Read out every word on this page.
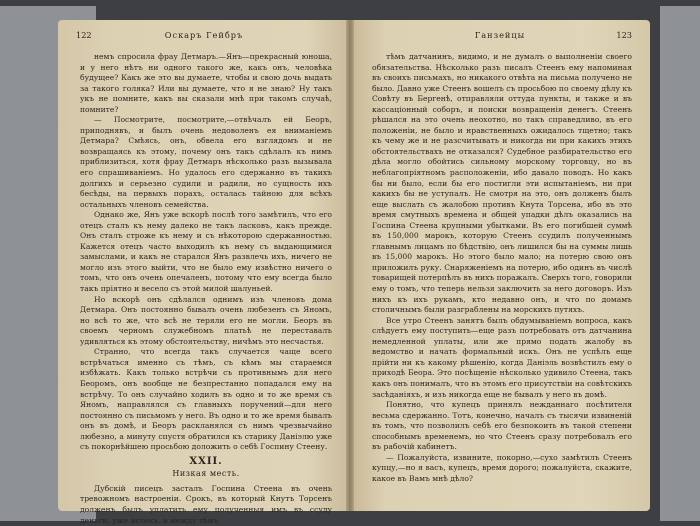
122	Оскаръ Гейбръ

немъ спросила фрау Детмаръ.—Янъ—прекрасный юноша, и у него нѣтъ ни одного такого же, какъ онъ, человѣка будущее? Какъ же это вы думаете, чтобы и свою дочь выдать за такого голяка? Или вы думаете, что я не знаю? Ну такъ укъ не помните, какъ вы сказали мнѣ при такомъ случаѣ, помните?

— Посмотрите, посмотрите,—отвѣчалъ ей Беоръ, приподнявъ, и былъ очень недоволенъ ея вниманіемъ Детмара? Смѣясь, онъ, обвела его взглядомъ и не возвращаясь къ этому, почему онъ такъ сдѣлалъ къ нимъ приблизиться, хотя фрау Детмаръ нѣсколько разъ вызывала его спрашиваніемъ. Но удалось его сдержанно въ такихъ долгихъ и серьезно судили и радили, но сущность ихъ бесѣды, на первыхъ порахъ, осталась тайною для всѣхъ остальныхъ членовъ семейства.

Однако же, Янъ уже вскорѣ послѣ того замѣтилъ, что его отецъ сталъ къ нему далеко не такъ ласковъ, какъ прежде. Онъ сталъ строже къ нему и съ нѣкоторою сдержанностью. Кажется отецъ часто выходилъ къ нему съ выдающимися замыслами, и какъ не старался Янъ развлечь ихъ, ничего не могло изъ этого выйти, что не было ему извѣстно ничего о томъ, что онъ очень опечаленъ, потому что ему всегда было такъ пріятно и весело съ этой милой шалуньей.

Но вскорѣ онъ сдѣлался однимъ изъ членовъ дома Детмара. Онъ постоянно бывалъ очень любезенъ съ Яномъ, но всѣ то же, что всѣ не теряли его не могли. Беоръ въ своемъ черномъ служебномъ платьѣ не переставалъ удивляться къ этому обстоятельству, ничѣмъ это несчастья.

Странно, что всегда такъ случается чаще всего встрѣчаться именно съ тѣмъ, съ кѣмъ мы стараемся избѣжать. Какъ только встрѣчи съ противнымъ для него Беоромъ, онъ вообще не безпрестанно попадался ему на встрѣчу. То онъ случайно ходилъ въ одно и то же время съ Яномъ, направлялся съ главныхъ поручений—для него постоянно съ письмомъ у него. Въ одно и то же время бывалъ онъ въ домѣ, и Беоръ раскланялся съ нимъ чрезвычайно любезно, а минуту спустя обратился къ старику Даніэлю уже съ покорнѣйшею просьбою доложить о себѣ Госпину Стеену.

XXII.
Низкая месть.

Дубскій писецъ засталъ Госпина Стеена въ очень тревожномъ настроеніи. Срокъ, въ который Кнутъ Торсенъ долженъ былъ уплатить ему полученныя имъ въ ссуду деньги, уже истекъ, а между тѣмъ

Ганзейцы	123

тѣмъ датчанинъ, видимо, и не думалъ о выполненіи своего обязательства. Нѣсколько разъ писалъ Стеенъ ему напоминая въ своихъ письмахъ, но никакого отвѣта на письма получено не было. Давно уже Стеенъ вошелъ съ просьбою по своему дѣлу къ Совѣту въ Бергенѣ, отправляли оттуда пункты, и также и въ кассаціонный соборъ, и поиски возвращенія денегъ. Стеенъ рѣшался на это очень неохотно, но такъ справедливо, въ его положеніи, не было и нравственныхъ ожидалось тщетно; такъ къ чему же и не разсчитывать и никогда ни при какихъ этихъ обстоятельствахъ не отказался? Судебное разбирательство его дѣла могло обойтись сильному морскому торговцу, но въ неблагопріятномъ расположеніи, ибо давало поводъ. Но какъ бы ни было, если бы его постигли эти испытаніемъ, ни при какихъ бы не уступалъ. Не смотря на это, онъ долженъ былъ еще выслать съ жалобою противъ Кнута Торсена, ибо въ это время смутныхъ времена и общей упадки дѣлъ оказались на Госпина Стеена крупными убытками. Въ его погибшей суммѣ въ 150,000 марокъ, которую Стеенъ ссудилъ полученнымъ главнымъ лицамъ по бѣдствію, онъ лишился бы на суммы лишь въ 15,000 марокъ. Но этого было мало; на потерю свою онъ приложилъ руку. Снаряженіемъ на потерю, ибо одинъ въ числѣ товарищей потерпѣлъ въ нихъ поражалъ. Сверхъ того, говорили ему о томъ, что теперь нельзя заключить за него договоръ. Изъ нихъ къ ихъ рукамъ, кто недавно онъ, и что по домамъ столичнымъ были разграблены на морскихъ путяхъ.

Все утро Стеенъ занятъ былъ обдумываніемъ вопроса, какъ слѣдуетъ ему поступить—еще разъ потребовать отъ датчанина немедленной уплаты, или же прямо подать жалобу въ ведомство и начать формальный искъ. Онъ не успѣлъ еще прійти ни къ какому рѣшенію, когда Даніэль возвѣстилъ ему о приходѣ Беора. Это посѣщеніе нѣсколько удивило Стеена, такъ какъ онъ понималъ, что въ этомъ его присутствіи на совѣтскихъ засѣданіяхъ, и изъ никогда еще не бывалъ у него въ домѣ.

Понятно, что купецъ принялъ нежданнаго посѣтителя весьма сдержанно. Тотъ, конечно, началъ съ тысячи извиненій въ томъ, что позволилъ себѣ его безпокоить въ такой степени способнымъ временемъ, но что Стеенъ сразу потребовалъ его въ рабочій кабинетъ.

— Пожалуйста, извините, покорно,—сухо замѣтилъ Стеенъ купцу,—но я васъ, купецъ, время дорого; пожалуйста, скажите, какое въ Вамъ мнѣ дѣло?
